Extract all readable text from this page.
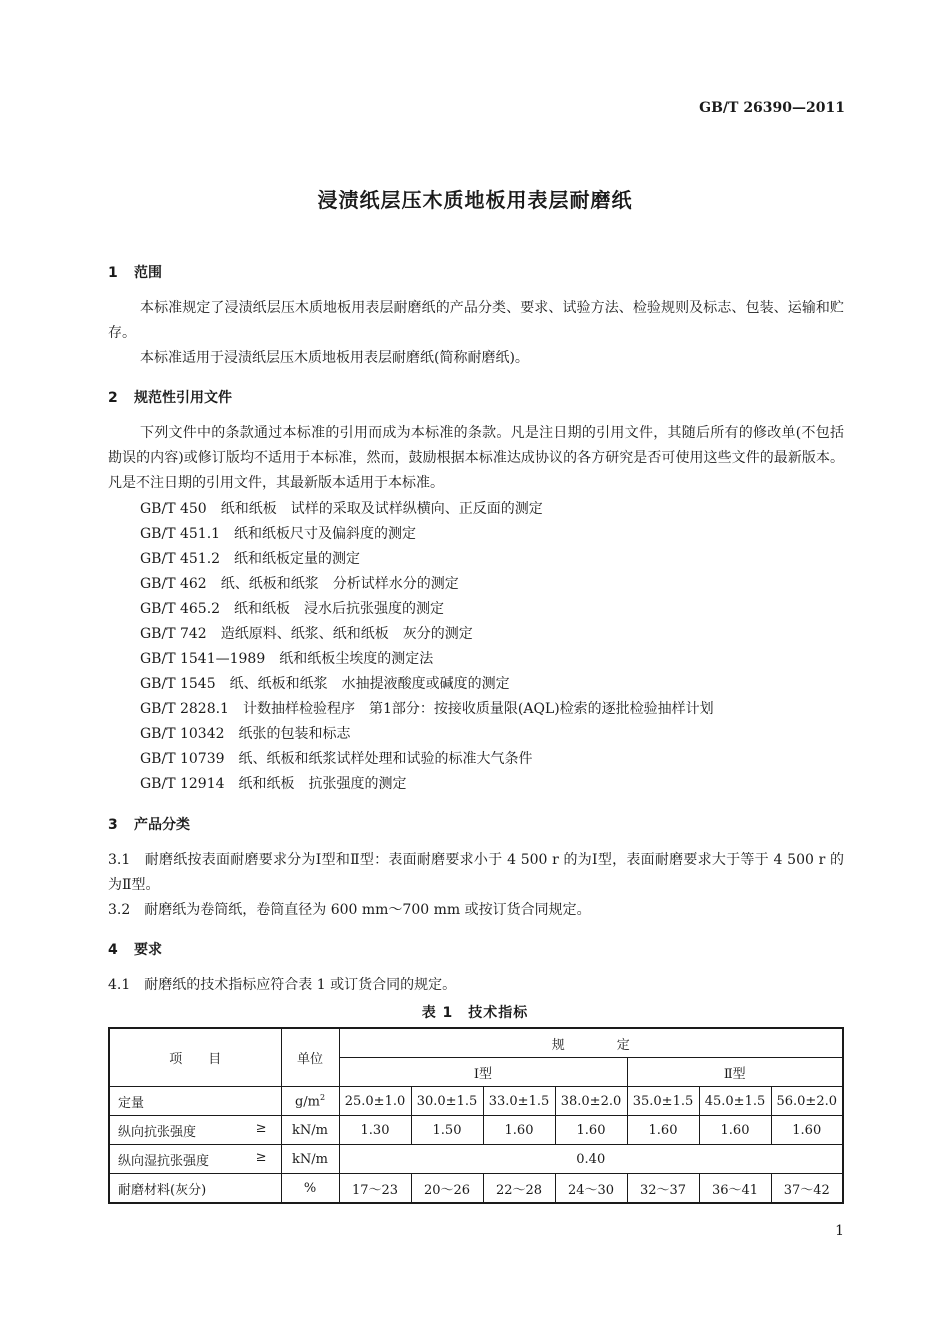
GB/T 26390—2011
浸渍纸层压木质地板用表层耐磨纸
1 范围
本标准规定了浸渍纸层压木质地板用表层耐磨纸的产品分类、要求、试验方法、检验规则及标志、包装、运输和贮存。
本标准适用于浸渍纸层压木质地板用表层耐磨纸(简称耐磨纸)。
2 规范性引用文件
下列文件中的条款通过本标准的引用而成为本标准的条款。凡是注日期的引用文件，其随后所有的修改单(不包括勘误的内容)或修订版均不适用于本标准，然而，鼓励根据本标准达成协议的各方研究是否可使用这些文件的最新版本。凡是不注日期的引用文件，其最新版本适用于本标准。
GB/T 450　纸和纸板　试样的采取及试样纵横向、正反面的测定
GB/T 451.1　纸和纸板尺寸及偏斜度的测定
GB/T 451.2　纸和纸板定量的测定
GB/T 462　纸、纸板和纸浆　分析试样水分的测定
GB/T 465.2　纸和纸板　浸水后抗张强度的测定
GB/T 742　造纸原料、纸浆、纸和纸板　灰分的测定
GB/T 1541—1989　纸和纸板尘埃度的测定法
GB/T 1545　纸、纸板和纸浆　水抽提液酸度或碱度的测定
GB/T 2828.1　计数抽样检验程序　第1部分：按接收质量限(AQL)检索的逐批检验抽样计划
GB/T 10342　纸张的包装和标志
GB/T 10739　纸、纸板和纸浆试样处理和试验的标准大气条件
GB/T 12914　纸和纸板　抗张强度的测定
3 产品分类
3.1　耐磨纸按表面耐磨要求分为Ⅰ型和Ⅱ型：表面耐磨要求小于 4 500 r 的为Ⅰ型，表面耐磨要求大于等于 4 500 r 的为Ⅱ型。
3.2　耐磨纸为卷筒纸，卷筒直径为 600 mm～700 mm 或按订货合同规定。
4 要求
4.1　耐磨纸的技术指标应符合表 1 或订货合同的规定。
表 1　技术指标
项　　目	单位	规　　　　定						
		Ⅰ型				Ⅱ型		

定量	$g/m^2$	25.0±1.0	30.0±1.5	33.0±1.5	38.0±2.0	35.0±1.5	45.0±1.5	56.0±2.0

纵向抗张强度 ≥	kN/m	1.30	1.50	1.60	1.60	1.60	1.60	1.60

纵向湿抗张强度 ≥	kN/m	0.40						

耐磨材料(灰分)	%	17～23	20～26	22～28	24～30	32～37	36～41	37～42
1
